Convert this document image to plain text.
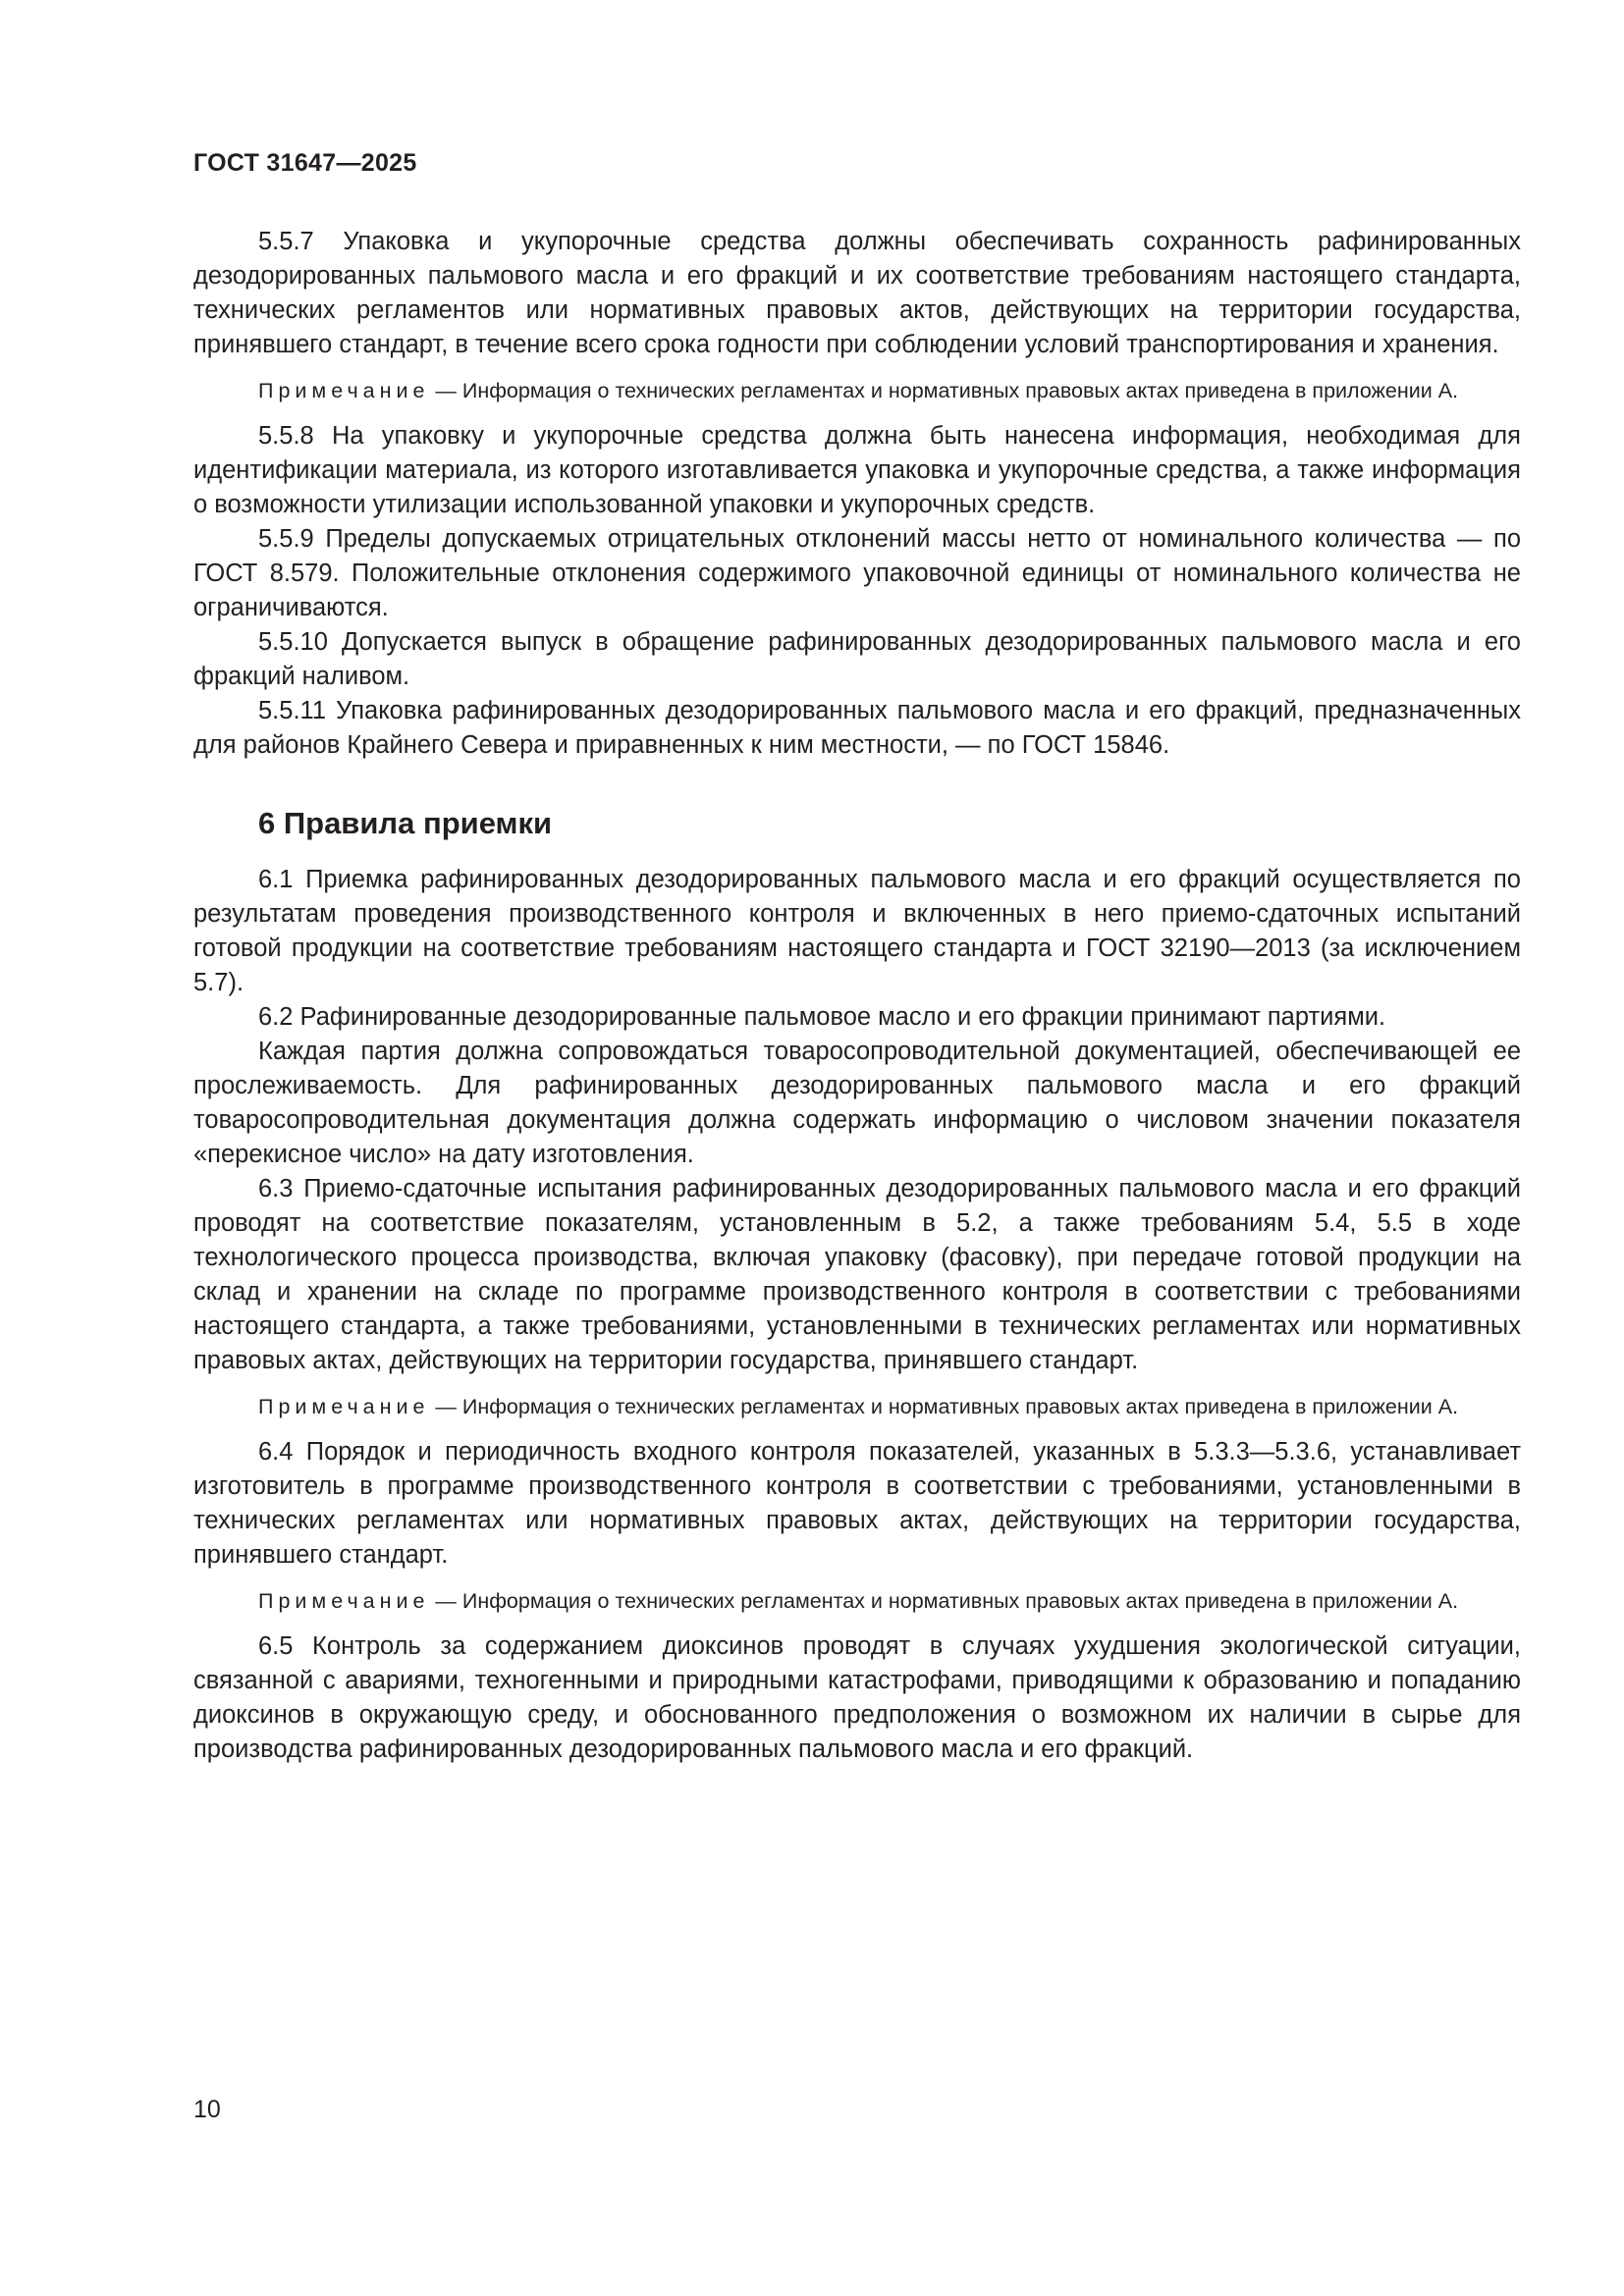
ГОСТ 31647—2025

5.5.7 Упаковка и укупорочные средства должны обеспечивать сохранность рафинированных дезодорированных пальмового масла и его фракций и их соответствие требованиям настоящего стандарта, технических регламентов или нормативных правовых актов, действующих на территории государства, принявшего стандарт, в течение всего срока годности при соблюдении условий транспортирования и хранения.

Примечание — Информация о технических регламентах и нормативных правовых актах приведена в приложении А.

5.5.8 На упаковку и укупорочные средства должна быть нанесена информация, необходимая для идентификации материала, из которого изготавливается упаковка и укупорочные средства, а также информация о возможности утилизации использованной упаковки и укупорочных средств.

5.5.9 Пределы допускаемых отрицательных отклонений массы нетто от номинального количества — по ГОСТ 8.579. Положительные отклонения содержимого упаковочной единицы от номинального количества не ограничиваются.

5.5.10 Допускается выпуск в обращение рафинированных дезодорированных пальмового масла и его фракций наливом.

5.5.11 Упаковка рафинированных дезодорированных пальмового масла и его фракций, предназначенных для районов Крайнего Севера и приравненных к ним местности, — по ГОСТ 15846.

6 Правила приемки

6.1 Приемка рафинированных дезодорированных пальмового масла и его фракций осуществляется по результатам проведения производственного контроля и включенных в него приемо-сдаточных испытаний готовой продукции на соответствие требованиям настоящего стандарта и ГОСТ 32190—2013 (за исключением 5.7).

6.2 Рафинированные дезодорированные пальмовое масло и его фракции принимают партиями.

Каждая партия должна сопровождаться товаросопроводительной документацией, обеспечивающей ее прослеживаемость. Для рафинированных дезодорированных пальмового масла и его фракций товаросопроводительная документация должна содержать информацию о числовом значении показателя «перекисное число» на дату изготовления.

6.3 Приемо-сдаточные испытания рафинированных дезодорированных пальмового масла и его фракций проводят на соответствие показателям, установленным в 5.2, а также требованиям 5.4, 5.5 в ходе технологического процесса производства, включая упаковку (фасовку), при передаче готовой продукции на склад и хранении на складе по программе производственного контроля в соответствии с требованиями настоящего стандарта, а также требованиями, установленными в технических регламентах или нормативных правовых актах, действующих на территории государства, принявшего стандарт.

Примечание — Информация о технических регламентах и нормативных правовых актах приведена в приложении А.

6.4 Порядок и периодичность входного контроля показателей, указанных в 5.3.3—5.3.6, устанавливает изготовитель в программе производственного контроля в соответствии с требованиями, установленными в технических регламентах или нормативных правовых актах, действующих на территории государства, принявшего стандарт.

Примечание — Информация о технических регламентах и нормативных правовых актах приведена в приложении А.

6.5 Контроль за содержанием диоксинов проводят в случаях ухудшения экологической ситуации, связанной с авариями, техногенными и природными катастрофами, приводящими к образованию и попаданию диоксинов в окружающую среду, и обоснованного предположения о возможном их наличии в сырье для производства рафинированных дезодорированных пальмового масла и его фракций.

10
